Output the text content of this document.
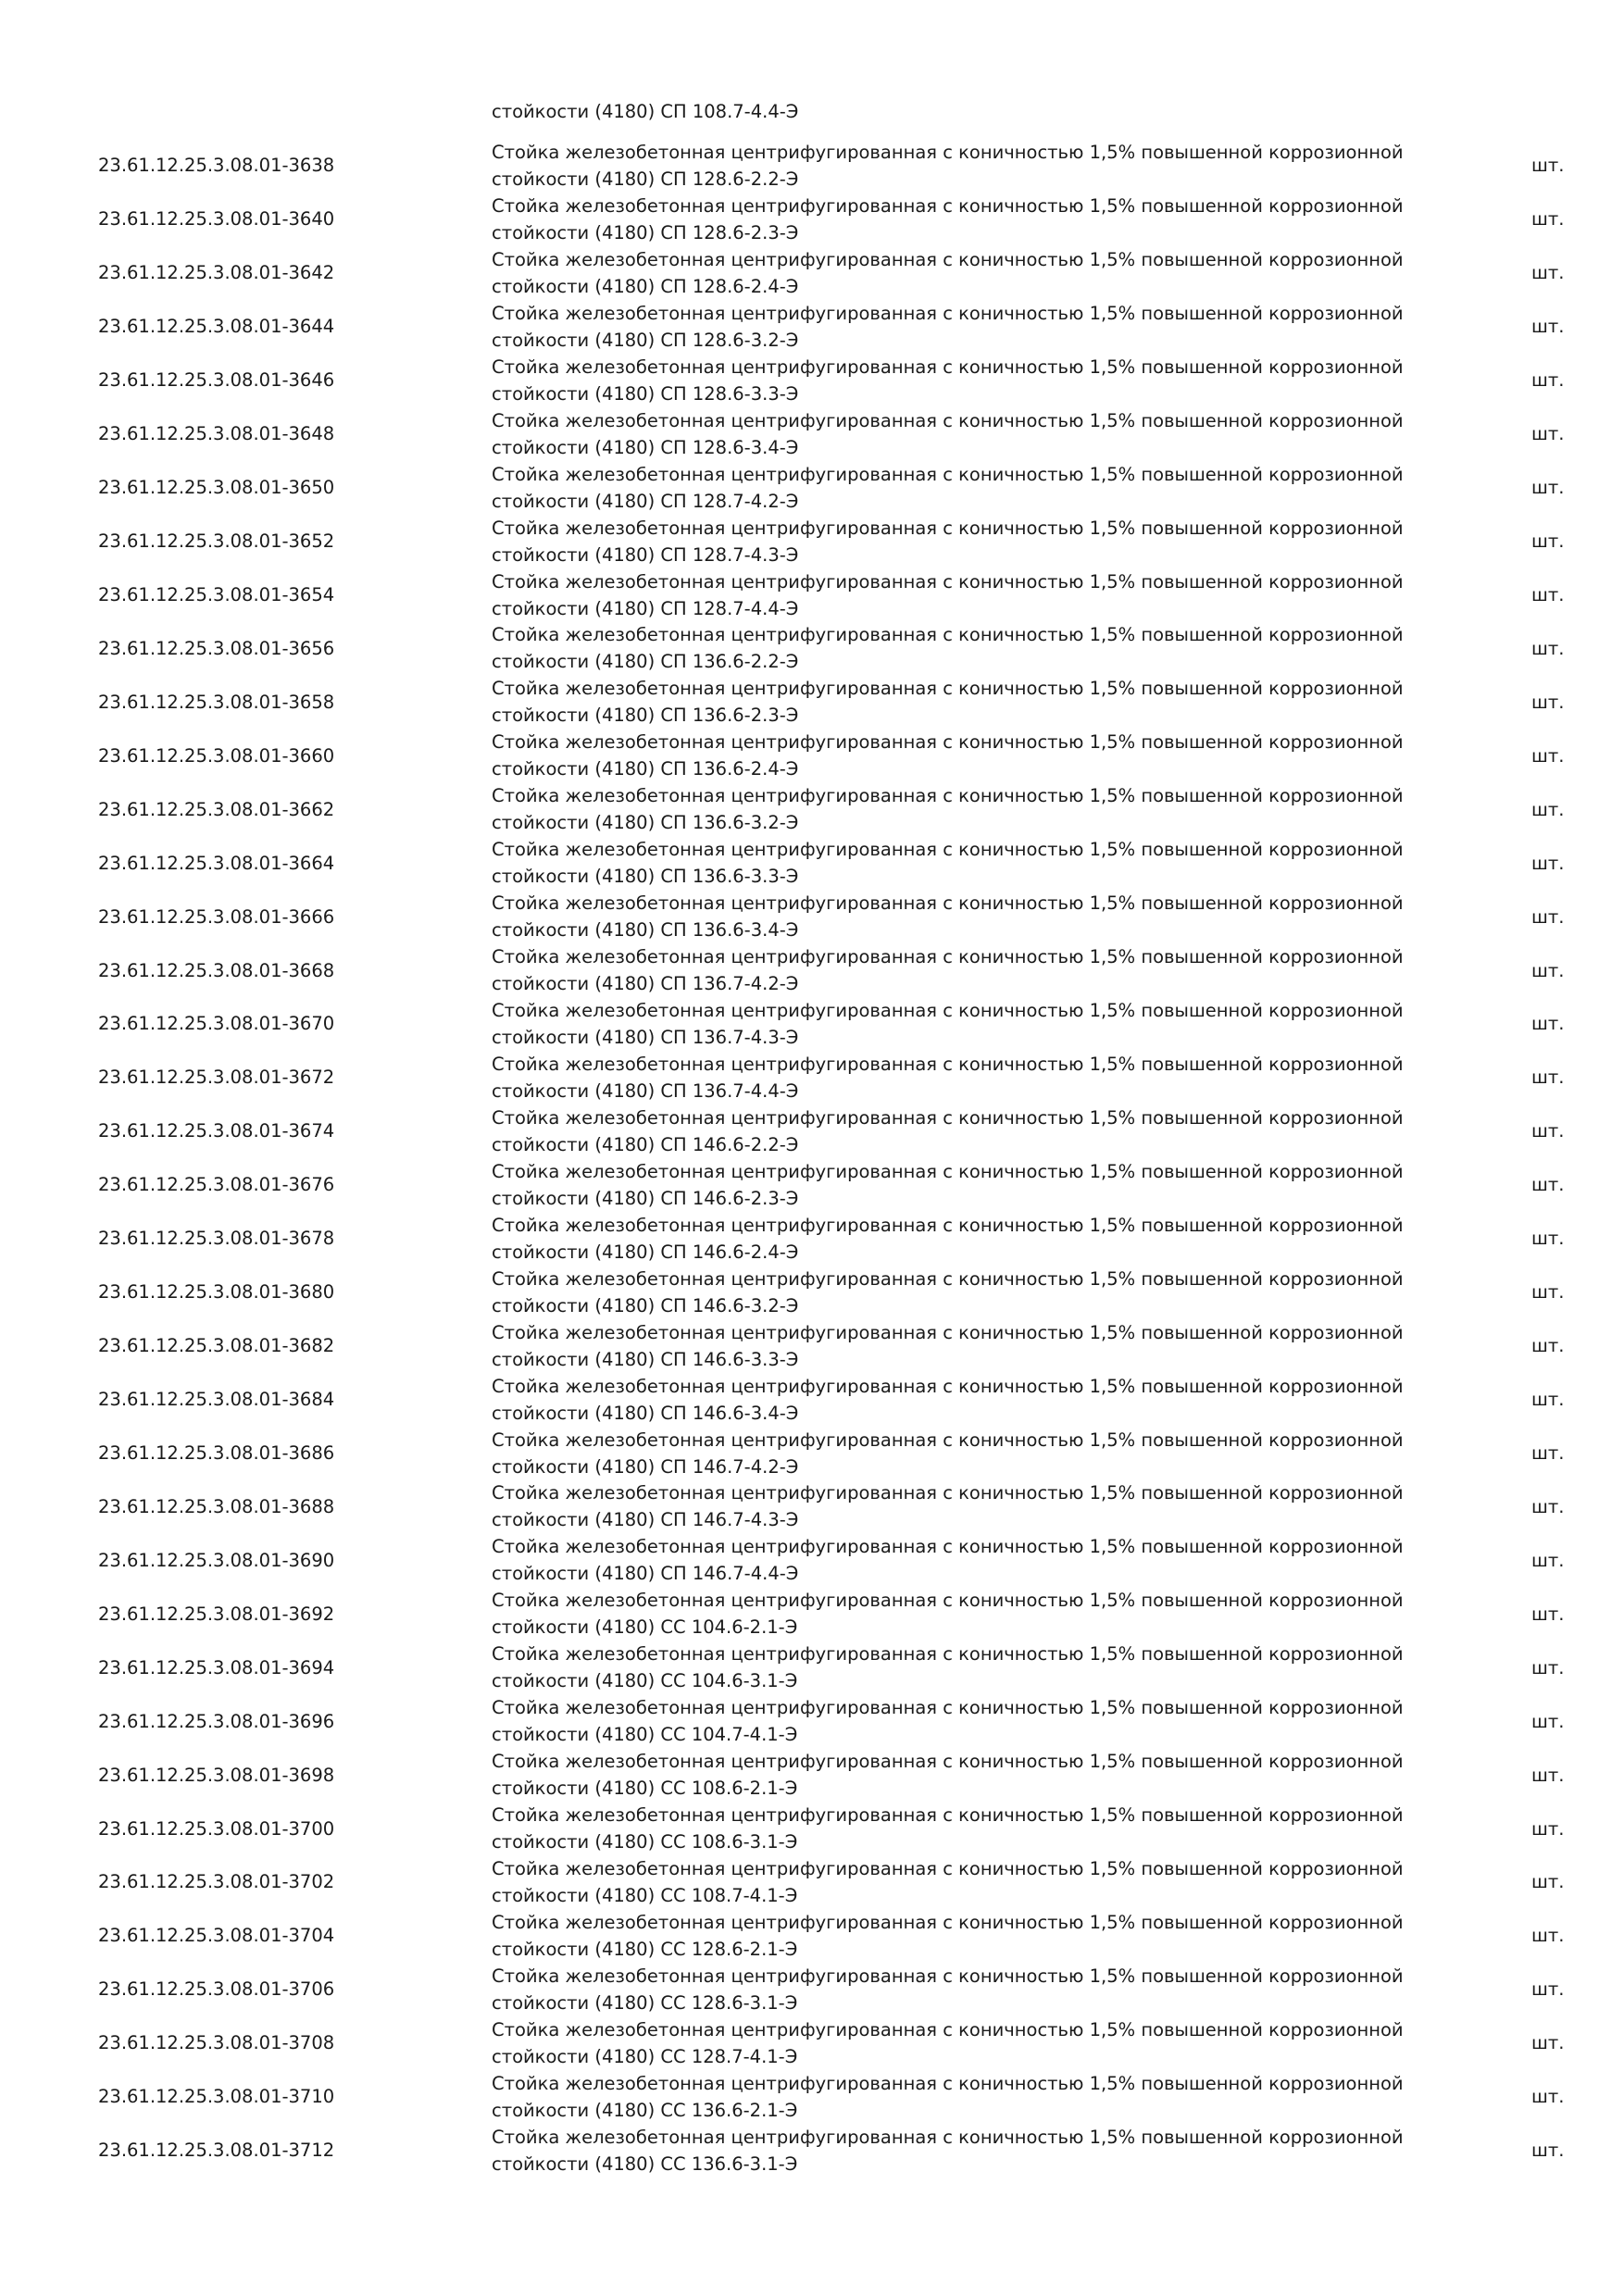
стойкости (4180) СП 108.7-4.4-Э
23.61.12.25.3.08.01-3638
Стойка железобетонная центрифугированная с коничностью 1,5% повышенной коррозионной
стойкости (4180) СП 128.6-2.2-Э
шт.
23.61.12.25.3.08.01-3640
Стойка железобетонная центрифугированная с коничностью 1,5% повышенной коррозионной
стойкости (4180) СП 128.6-2.3-Э
шт.
23.61.12.25.3.08.01-3642
Стойка железобетонная центрифугированная с коничностью 1,5% повышенной коррозионной
стойкости (4180) СП 128.6-2.4-Э
шт.
23.61.12.25.3.08.01-3644
Стойка железобетонная центрифугированная с коничностью 1,5% повышенной коррозионной
стойкости (4180) СП 128.6-3.2-Э
шт.
23.61.12.25.3.08.01-3646
Стойка железобетонная центрифугированная с коничностью 1,5% повышенной коррозионной
стойкости (4180) СП 128.6-3.3-Э
шт.
23.61.12.25.3.08.01-3648
Стойка железобетонная центрифугированная с коничностью 1,5% повышенной коррозионной
стойкости (4180) СП 128.6-3.4-Э
шт.
23.61.12.25.3.08.01-3650
Стойка железобетонная центрифугированная с коничностью 1,5% повышенной коррозионной
стойкости (4180) СП 128.7-4.2-Э
шт.
23.61.12.25.3.08.01-3652
Стойка железобетонная центрифугированная с коничностью 1,5% повышенной коррозионной
стойкости (4180) СП 128.7-4.3-Э
шт.
23.61.12.25.3.08.01-3654
Стойка железобетонная центрифугированная с коничностью 1,5% повышенной коррозионной
стойкости (4180) СП 128.7-4.4-Э
шт.
23.61.12.25.3.08.01-3656
Стойка железобетонная центрифугированная с коничностью 1,5% повышенной коррозионной
стойкости (4180) СП 136.6-2.2-Э
шт.
23.61.12.25.3.08.01-3658
Стойка железобетонная центрифугированная с коничностью 1,5% повышенной коррозионной
стойкости (4180) СП 136.6-2.3-Э
шт.
23.61.12.25.3.08.01-3660
Стойка железобетонная центрифугированная с коничностью 1,5% повышенной коррозионной
стойкости (4180) СП 136.6-2.4-Э
шт.
23.61.12.25.3.08.01-3662
Стойка железобетонная центрифугированная с коничностью 1,5% повышенной коррозионной
стойкости (4180) СП 136.6-3.2-Э
шт.
23.61.12.25.3.08.01-3664
Стойка железобетонная центрифугированная с коничностью 1,5% повышенной коррозионной
стойкости (4180) СП 136.6-3.3-Э
шт.
23.61.12.25.3.08.01-3666
Стойка железобетонная центрифугированная с коничностью 1,5% повышенной коррозионной
стойкости (4180) СП 136.6-3.4-Э
шт.
23.61.12.25.3.08.01-3668
Стойка железобетонная центрифугированная с коничностью 1,5% повышенной коррозионной
стойкости (4180) СП 136.7-4.2-Э
шт.
23.61.12.25.3.08.01-3670
Стойка железобетонная центрифугированная с коничностью 1,5% повышенной коррозионной
стойкости (4180) СП 136.7-4.3-Э
шт.
23.61.12.25.3.08.01-3672
Стойка железобетонная центрифугированная с коничностью 1,5% повышенной коррозионной
стойкости (4180) СП 136.7-4.4-Э
шт.
23.61.12.25.3.08.01-3674
Стойка железобетонная центрифугированная с коничностью 1,5% повышенной коррозионной
стойкости (4180) СП 146.6-2.2-Э
шт.
23.61.12.25.3.08.01-3676
Стойка железобетонная центрифугированная с коничностью 1,5% повышенной коррозионной
стойкости (4180) СП 146.6-2.3-Э
шт.
23.61.12.25.3.08.01-3678
Стойка железобетонная центрифугированная с коничностью 1,5% повышенной коррозионной
стойкости (4180) СП 146.6-2.4-Э
шт.
23.61.12.25.3.08.01-3680
Стойка железобетонная центрифугированная с коничностью 1,5% повышенной коррозионной
стойкости (4180) СП 146.6-3.2-Э
шт.
23.61.12.25.3.08.01-3682
Стойка железобетонная центрифугированная с коничностью 1,5% повышенной коррозионной
стойкости (4180) СП 146.6-3.3-Э
шт.
23.61.12.25.3.08.01-3684
Стойка железобетонная центрифугированная с коничностью 1,5% повышенной коррозионной
стойкости (4180) СП 146.6-3.4-Э
шт.
23.61.12.25.3.08.01-3686
Стойка железобетонная центрифугированная с коничностью 1,5% повышенной коррозионной
стойкости (4180) СП 146.7-4.2-Э
шт.
23.61.12.25.3.08.01-3688
Стойка железобетонная центрифугированная с коничностью 1,5% повышенной коррозионной
стойкости (4180) СП 146.7-4.3-Э
шт.
23.61.12.25.3.08.01-3690
Стойка железобетонная центрифугированная с коничностью 1,5% повышенной коррозионной
стойкости (4180) СП 146.7-4.4-Э
шт.
23.61.12.25.3.08.01-3692
Стойка железобетонная центрифугированная с коничностью 1,5% повышенной коррозионной
стойкости (4180) СС 104.6-2.1-Э
шт.
23.61.12.25.3.08.01-3694
Стойка железобетонная центрифугированная с коничностью 1,5% повышенной коррозионной
стойкости (4180) СС 104.6-3.1-Э
шт.
23.61.12.25.3.08.01-3696
Стойка железобетонная центрифугированная с коничностью 1,5% повышенной коррозионной
стойкости (4180) СС 104.7-4.1-Э
шт.
23.61.12.25.3.08.01-3698
Стойка железобетонная центрифугированная с коничностью 1,5% повышенной коррозионной
стойкости (4180) СС 108.6-2.1-Э
шт.
23.61.12.25.3.08.01-3700
Стойка железобетонная центрифугированная с коничностью 1,5% повышенной коррозионной
стойкости (4180) СС 108.6-3.1-Э
шт.
23.61.12.25.3.08.01-3702
Стойка железобетонная центрифугированная с коничностью 1,5% повышенной коррозионной
стойкости (4180) СС 108.7-4.1-Э
шт.
23.61.12.25.3.08.01-3704
Стойка железобетонная центрифугированная с коничностью 1,5% повышенной коррозионной
стойкости (4180) СС 128.6-2.1-Э
шт.
23.61.12.25.3.08.01-3706
Стойка железобетонная центрифугированная с коничностью 1,5% повышенной коррозионной
стойкости (4180) СС 128.6-3.1-Э
шт.
23.61.12.25.3.08.01-3708
Стойка железобетонная центрифугированная с коничностью 1,5% повышенной коррозионной
стойкости (4180) СС 128.7-4.1-Э
шт.
23.61.12.25.3.08.01-3710
Стойка железобетонная центрифугированная с коничностью 1,5% повышенной коррозионной
стойкости (4180) СС 136.6-2.1-Э
шт.
23.61.12.25.3.08.01-3712
Стойка железобетонная центрифугированная с коничностью 1,5% повышенной коррозионной
стойкости (4180) СС 136.6-3.1-Э
шт.
